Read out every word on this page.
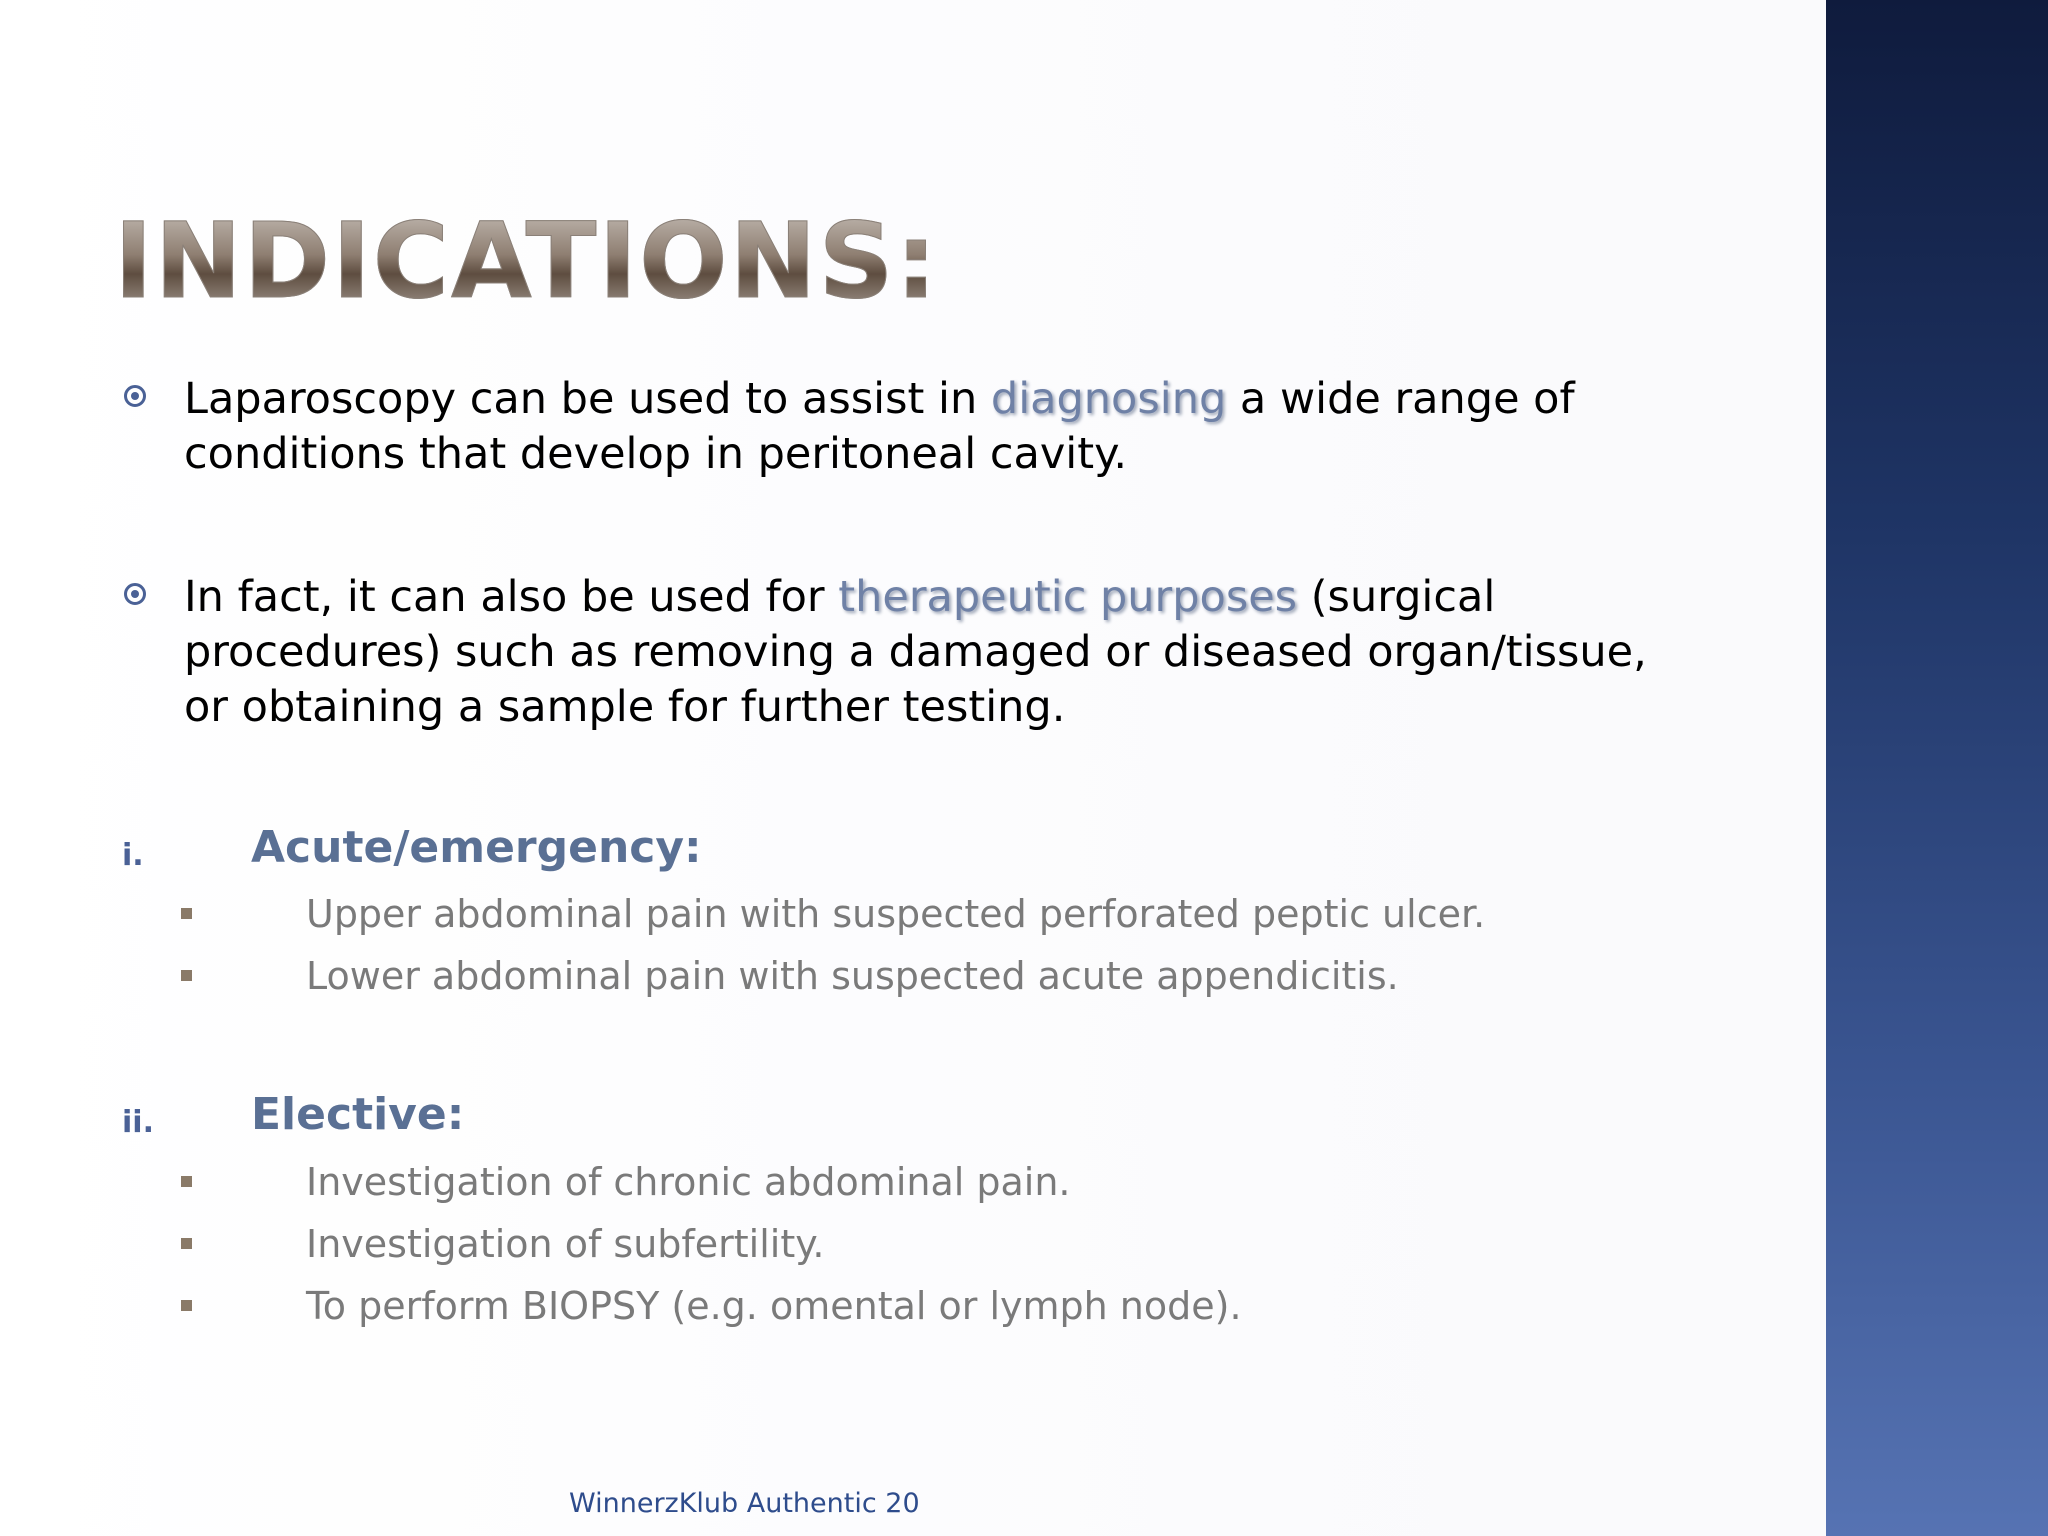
INDICATIONS:
Laparoscopy can be used to assist in diagnosing a wide range of conditions that develop in peritoneal cavity.
In fact, it can also be used for therapeutic purposes (surgical procedures) such as removing a damaged or diseased organ/tissue, or obtaining a sample for further testing.
i. Acute/emergency:
Upper abdominal pain with suspected perforated peptic ulcer.
Lower abdominal pain with suspected acute appendicitis.
ii. Elective:
Investigation of chronic abdominal pain.
Investigation of subfertility.
To perform BIOPSY (e.g. omental or lymph node).
WinnerzKlub Authentic 20
